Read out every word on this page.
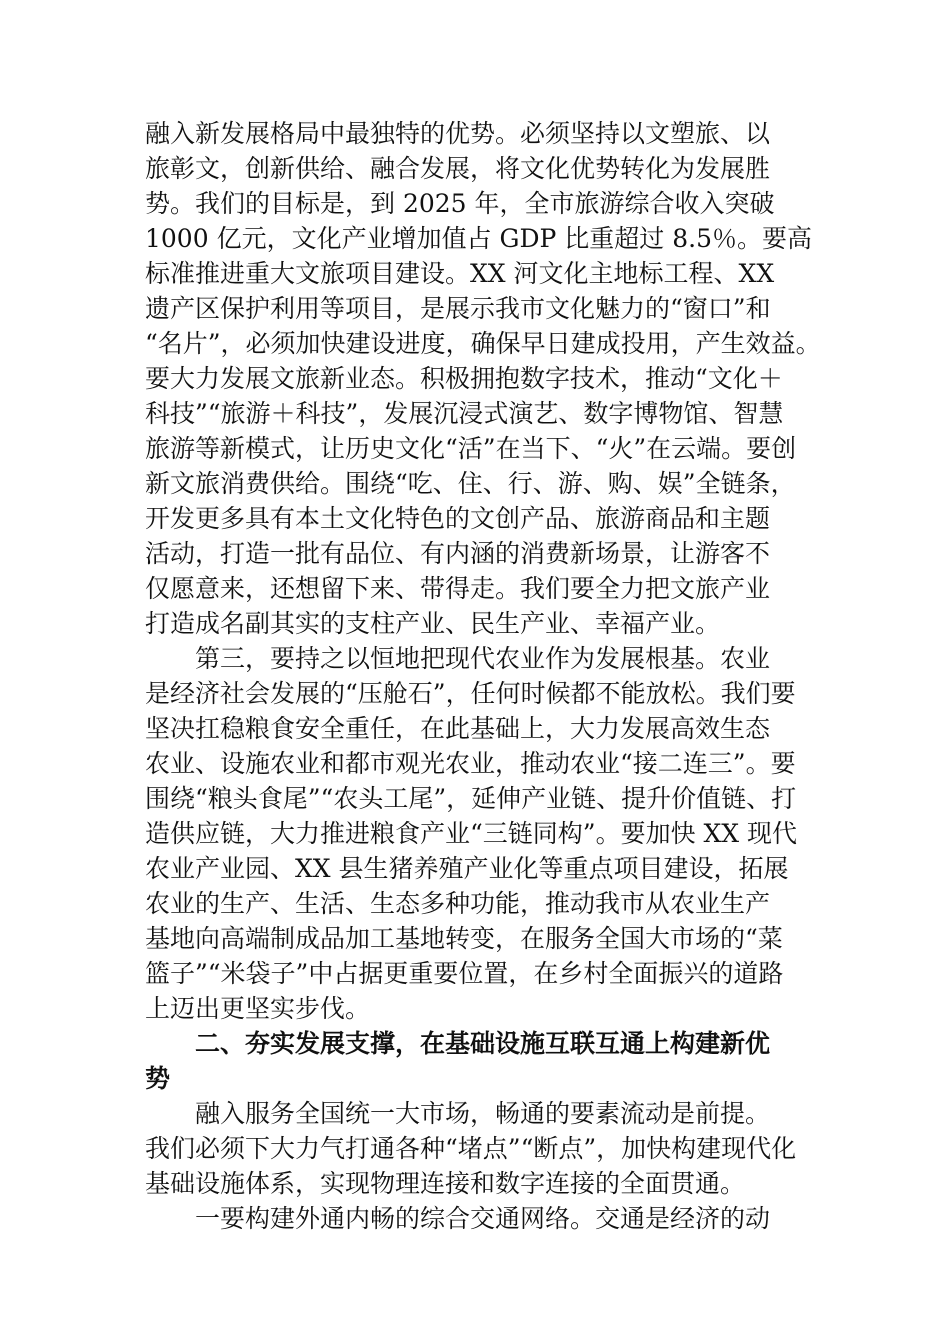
融入新发展格局中最独特的优势。必须坚持以文塑旅、以
旅彰文，创新供给、融合发展，将文化优势转化为发展胜
势。我们的目标是，到 2025 年，全市旅游综合收入突破
1000 亿元，文化产业增加值占 GDP 比重超过 8.5％。要高
标准推进重大文旅项目建设。XX 河文化主地标工程、XX
遗产区保护利用等项目，是展示我市文化魅力的“窗口”和
“名片”，必须加快建设进度，确保早日建成投用，产生效益。
要大力发展文旅新业态。积极拥抱数字技术，推动“文化＋
科技”“旅游＋科技”，发展沉浸式演艺、数字博物馆、智慧
旅游等新模式，让历史文化“活”在当下、“火”在云端。要创
新文旅消费供给。围绕“吃、住、行、游、购、娱”全链条，
开发更多具有本土文化特色的文创产品、旅游商品和主题
活动，打造一批有品位、有内涵的消费新场景，让游客不
仅愿意来，还想留下来、带得走。我们要全力把文旅产业
打造成名副其实的支柱产业、民生产业、幸福产业。
第三，要持之以恒地把现代农业作为发展根基。农业
是经济社会发展的“压舱石”，任何时候都不能放松。我们要
坚决扛稳粮食安全重任，在此基础上，大力发展高效生态
农业、设施农业和都市观光农业，推动农业“接二连三”。要
围绕“粮头食尾”“农头工尾”，延伸产业链、提升价值链、打
造供应链，大力推进粮食产业“三链同构”。要加快 XX 现代
农业产业园、XX 县生猪养殖产业化等重点项目建设，拓展
农业的生产、生活、生态多种功能，推动我市从农业生产
基地向高端制成品加工基地转变，在服务全国大市场的“菜
篮子”“米袋子”中占据更重要位置，在乡村全面振兴的道路
上迈出更坚实步伐。
二、夯实发展支撑，在基础设施互联互通上构建新优
势
融入服务全国统一大市场，畅通的要素流动是前提。
我们必须下大力气打通各种“堵点”“断点”，加快构建现代化
基础设施体系，实现物理连接和数字连接的全面贯通。
一要构建外通内畅的综合交通网络。交通是经济的动
